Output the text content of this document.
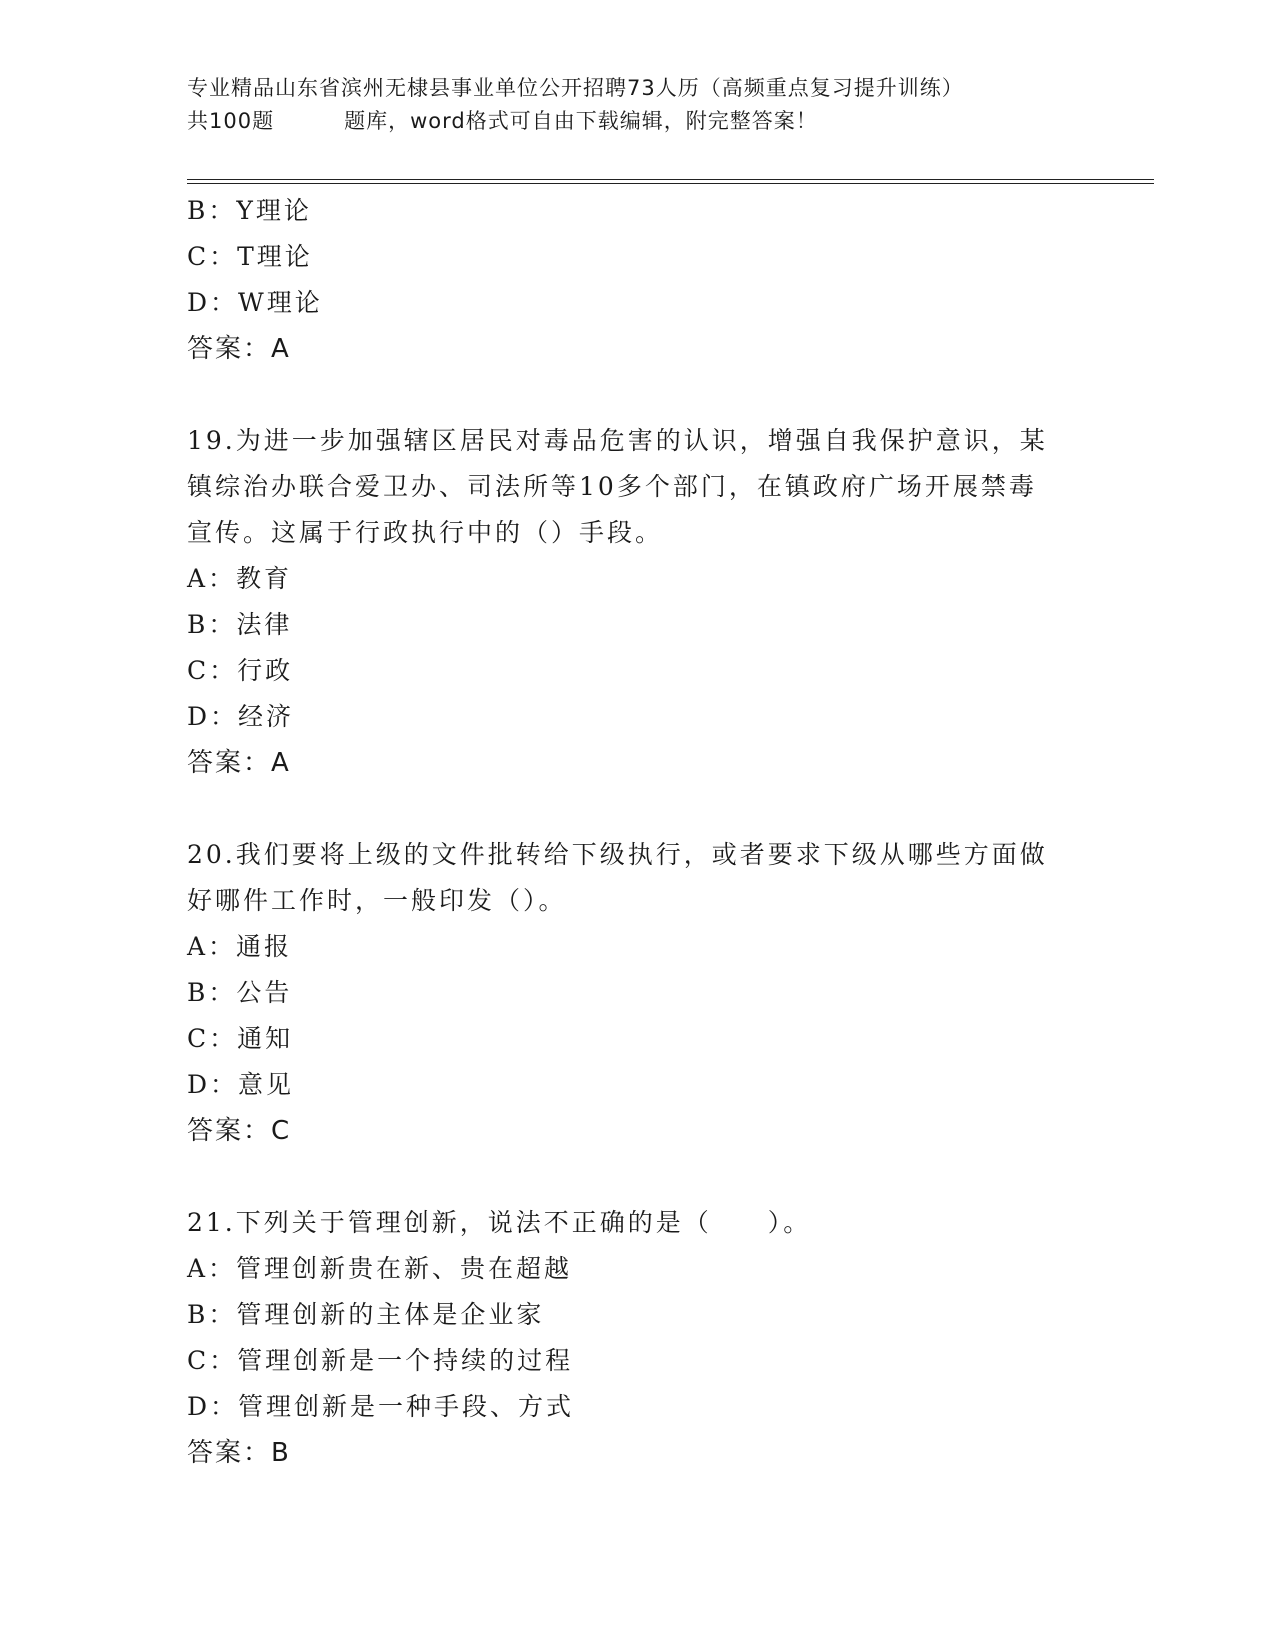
专业精品山东省滨州无棣县事业单位公开招聘73人历（高频重点复习提升训练）
共100题	题库，word格式可自由下载编辑，附完整答案！
B：Y理论
C：T理论
D：W理论
答案：A
19.为进一步加强辖区居民对毒品危害的认识，增强自我保护意识，某
镇综治办联合爱卫办、司法所等10多个部门，在镇政府广场开展禁毒
宣传。这属于行政执行中的（）手段。
A：教育
B：法律
C：行政
D：经济
答案：A
20.我们要将上级的文件批转给下级执行，或者要求下级从哪些方面做
好哪件工作时，一般印发（）。
A：通报
B：公告
C：通知
D：意见
答案：C
21.下列关于管理创新，说法不正确的是（　　）。
A：管理创新贵在新、贵在超越
B：管理创新的主体是企业家
C：管理创新是一个持续的过程
D：管理创新是一种手段、方式
答案：B
